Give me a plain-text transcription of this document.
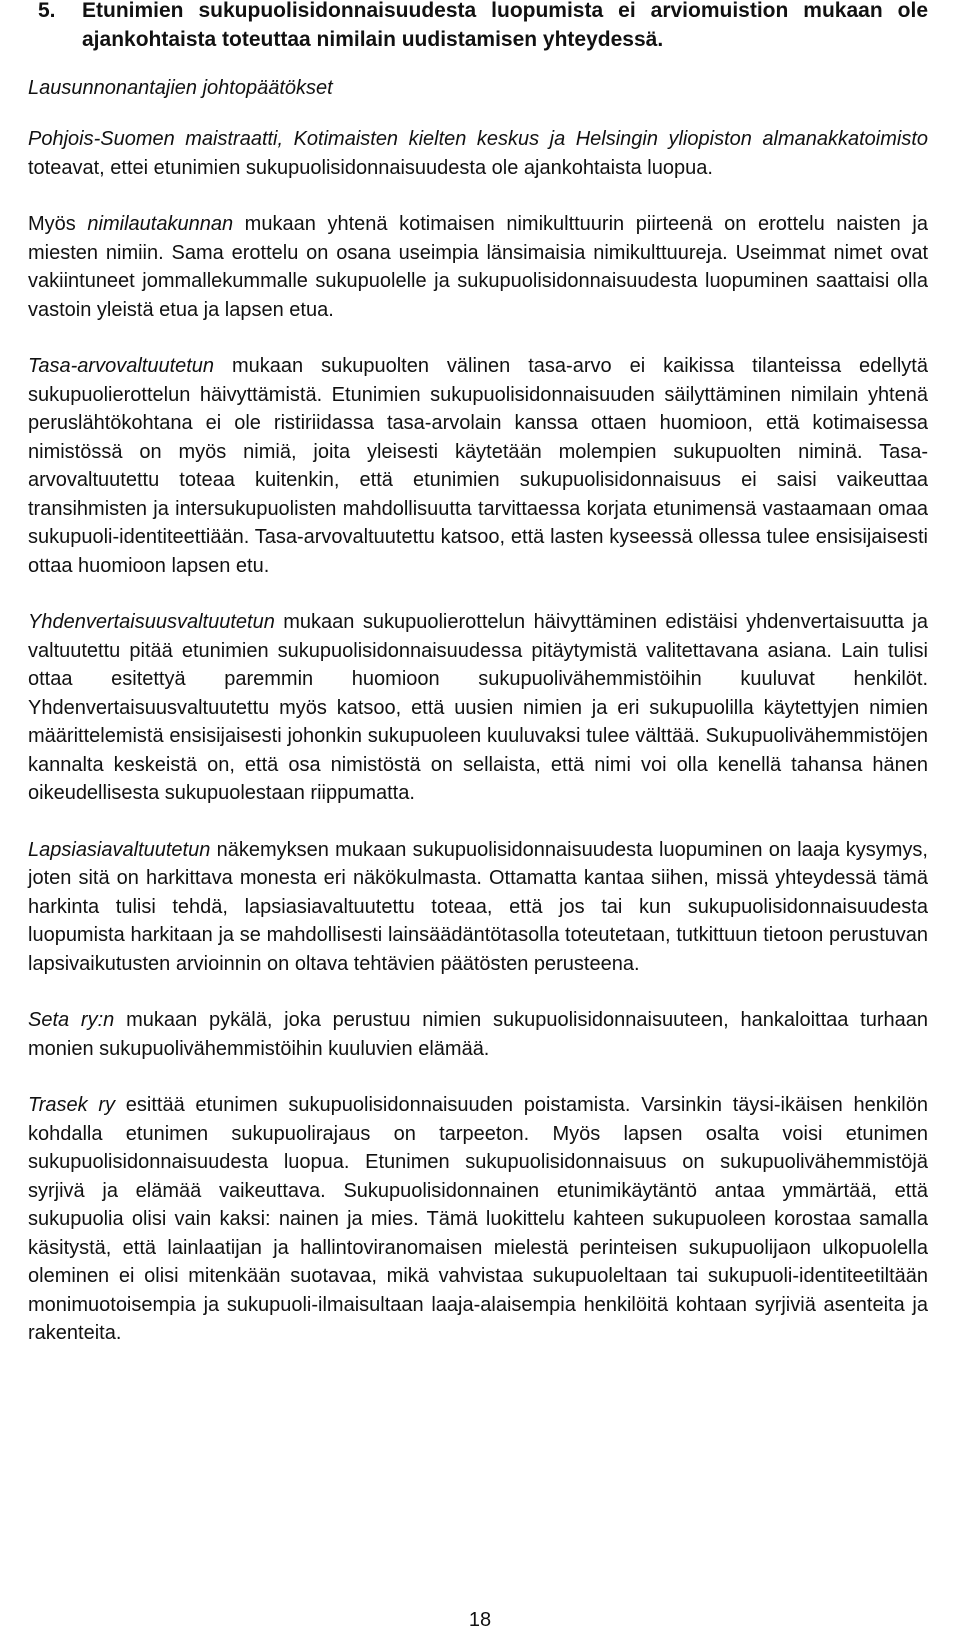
5.	Etunimien sukupuolisidonnaisuudesta luopumista ei arviomuistion mukaan ole ajankohtaista toteuttaa nimilain uudistamisen yhteydessä.
Lausunnonantajien johtopäätökset

Pohjois-Suomen maistraatti, Kotimaisten kielten keskus ja Helsingin yliopiston almanakkatoimisto toteavat, ettei etunimien sukupuolisidonnaisuudesta ole ajankohtaista luopua.

Myös nimilautakunnan mukaan yhtenä kotimaisen nimikulttuurin piirteenä on erottelu naisten ja miesten nimiin. Sama erottelu on osana useimpia länsimaisia nimikulttuureja. Useimmat nimet ovat vakiintuneet jommallekummalle sukupuolelle ja sukupuolisidonnaisuudesta luopuminen saattaisi olla vastoin yleistä etua ja lapsen etua.

Tasa-arvovaltuutetun mukaan sukupuolten välinen tasa-arvo ei kaikissa tilanteissa edellytä sukupuolierottelun häivyttämistä. Etunimien sukupuolisidonnaisuuden säilyttäminen nimilain yhtenä peruslähtökohtana ei ole ristiriidassa tasa-arvolain kanssa ottaen huomioon, että kotimaisessa nimistössä on myös nimiä, joita yleisesti käytetään molempien sukupuolten niminä. Tasa-arvovaltuutettu toteaa kuitenkin, että etunimien sukupuolisidonnaisuus ei saisi vaikeuttaa transihmisten ja intersukupuolisten mahdollisuutta tarvittaessa korjata etunimensä vastaamaan omaa sukupuoli-identiteettiään. Tasa-arvovaltuutettu katsoo, että lasten kyseessä ollessa tulee ensisijaisesti ottaa huomioon lapsen etu.

Yhdenvertaisuusvaltuutetun mukaan sukupuolierottelun häivyttäminen edistäisi yhdenvertaisuutta ja valtuutettu pitää etunimien sukupuolisidonnaisuudessa pitäytymistä valitettavana asiana. Lain tulisi ottaa esitettyä paremmin huomioon sukupuolivähemmistöihin kuuluvat henkilöt. Yhdenvertaisuusvaltuutettu myös katsoo, että uusien nimien ja eri sukupuolilla käytettyjen nimien määrittelemistä ensisijaisesti johonkin sukupuoleen kuuluvaksi tulee välttää. Sukupuolivähemmistöjen kannalta keskeistä on, että osa nimistöstä on sellaista, että nimi voi olla kenellä tahansa hänen oikeudellisesta sukupuolestaan riippumatta.

Lapsiasiavaltuutetun näkemyksen mukaan sukupuolisidonnaisuudesta luopuminen on laaja kysymys, joten sitä on harkittava monesta eri näkökulmasta. Ottamatta kantaa siihen, missä yhteydessä tämä harkinta tulisi tehdä, lapsiasiavaltuutettu toteaa, että jos tai kun sukupuolisidonnaisuudesta luopumista harkitaan ja se mahdollisesti lainsäädäntötasolla toteutetaan, tutkittuun tietoon perustuvan lapsivaikutusten arvioinnin on oltava tehtävien päätösten perusteena.

Seta ry:n mukaan pykälä, joka perustuu nimien sukupuolisidonnaisuuteen, hankaloittaa turhaan monien sukupuolivähemmistöihin kuuluvien elämää.

Trasek ry esittää etunimen sukupuolisidonnaisuuden poistamista. Varsinkin täysi-ikäisen henkilön kohdalla etunimen sukupuolirajaus on tarpeeton. Myös lapsen osalta voisi etunimen sukupuolisidonnaisuudesta luopua. Etunimen sukupuolisidonnaisuus on sukupuolivähemmistöjä syrjivä ja elämää vaikeuttava. Sukupuolisidonnainen etunimikäytäntö antaa ymmärtää, että sukupuolia olisi vain kaksi: nainen ja mies. Tämä luokittelu kahteen sukupuoleen korostaa samalla käsitystä, että lainlaatijan ja hallintoviranomaisen mielestä perinteisen sukupuolijaon ulkopuolella oleminen ei olisi mitenkään suotavaa, mikä vahvistaa sukupuoleltaan tai sukupuoli-identiteetiltään monimuotoisempia ja sukupuoli-ilmaisultaan laaja-alaisempia henkilöitä kohtaan syrjiviä asenteita ja rakenteita.

18
